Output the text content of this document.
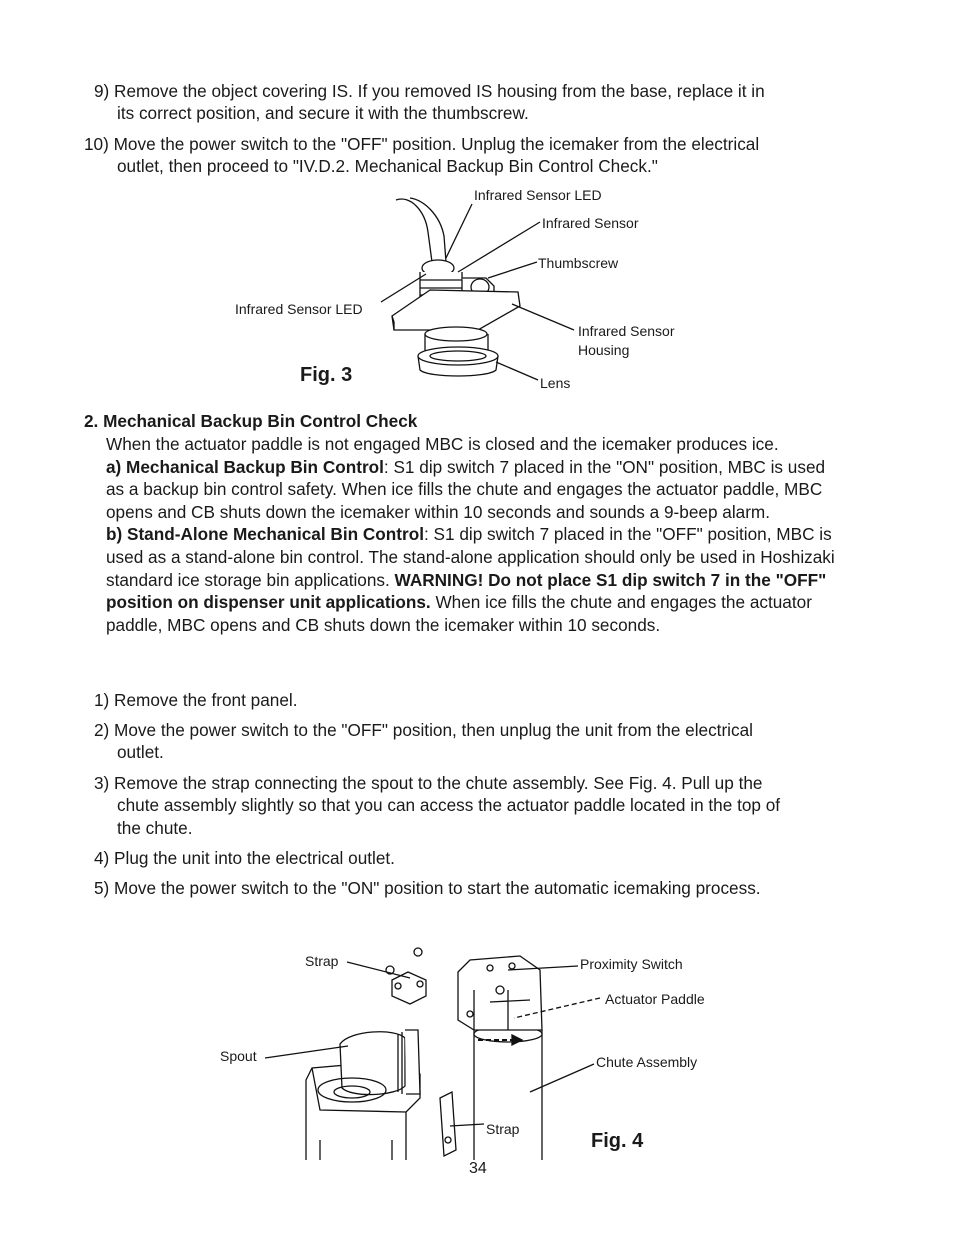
9) Remove the object covering IS. If you removed IS housing from the base, replace it in
its correct position, and secure it with the thumbscrew.
10) Move the power switch to the "OFF" position. Unplug the icemaker from the electrical
outlet, then proceed to "IV.D.2. Mechanical Backup Bin Control Check."
Infrared Sensor LED
Infrared Sensor
Thumbscrew
Infrared Sensor LED
Infrared Sensor
Housing
Lens
Fig. 3
2. Mechanical Backup Bin Control Check
When the actuator paddle is not engaged MBC is closed and the icemaker produces ice.
a) Mechanical Backup Bin Control: S1 dip switch 7 placed in the "ON" position, MBC is used as a backup bin control safety. When ice fills the chute and engages the actuator paddle, MBC opens and CB shuts down the icemaker within 10 seconds and sounds a 9-beep alarm.
b) Stand-Alone Mechanical Bin Control: S1 dip switch 7 placed in the "OFF" position, MBC is used as a stand-alone bin control. The stand-alone application should only be used in Hoshizaki standard ice storage bin applications. WARNING! Do not place S1 dip switch 7 in the "OFF" position on dispenser unit applications. When ice fills the chute and engages the actuator paddle, MBC opens and CB shuts down the icemaker within 10 seconds.
1) Remove the front panel.
2) Move the power switch to the "OFF" position, then unplug the unit from the electrical
outlet.
3) Remove the strap connecting the spout to the chute assembly. See Fig. 4. Pull up the
chute assembly slightly so that you can access the actuator paddle located in the top of
the chute.
4) Plug the unit into the electrical outlet.
5) Move the power switch to the "ON" position to start the automatic icemaking process.
Strap	Proximity Switch
Actuator Paddle
Spout	Chute Assembly
Strap
Fig. 4
34
